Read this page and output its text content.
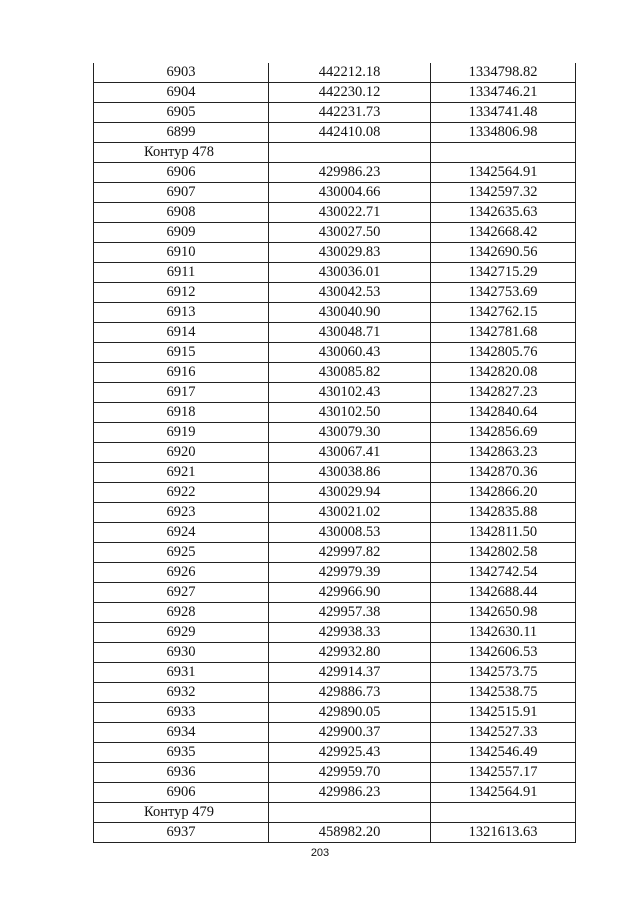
6903	442212.18	1334798.82
6904	442230.12	1334746.21
6905	442231.73	1334741.48
6899	442410.08	1334806.98
Контур 478		
6906	429986.23	1342564.91
6907	430004.66	1342597.32
6908	430022.71	1342635.63
6909	430027.50	1342668.42
6910	430029.83	1342690.56
6911	430036.01	1342715.29
6912	430042.53	1342753.69
6913	430040.90	1342762.15
6914	430048.71	1342781.68
6915	430060.43	1342805.76
6916	430085.82	1342820.08
6917	430102.43	1342827.23
6918	430102.50	1342840.64
6919	430079.30	1342856.69
6920	430067.41	1342863.23
6921	430038.86	1342870.36
6922	430029.94	1342866.20
6923	430021.02	1342835.88
6924	430008.53	1342811.50
6925	429997.82	1342802.58
6926	429979.39	1342742.54
6927	429966.90	1342688.44
6928	429957.38	1342650.98
6929	429938.33	1342630.11
6930	429932.80	1342606.53
6931	429914.37	1342573.75
6932	429886.73	1342538.75
6933	429890.05	1342515.91
6934	429900.37	1342527.33
6935	429925.43	1342546.49
6936	429959.70	1342557.17
6906	429986.23	1342564.91
Контур 479		
6937	458982.20	1321613.63
203
